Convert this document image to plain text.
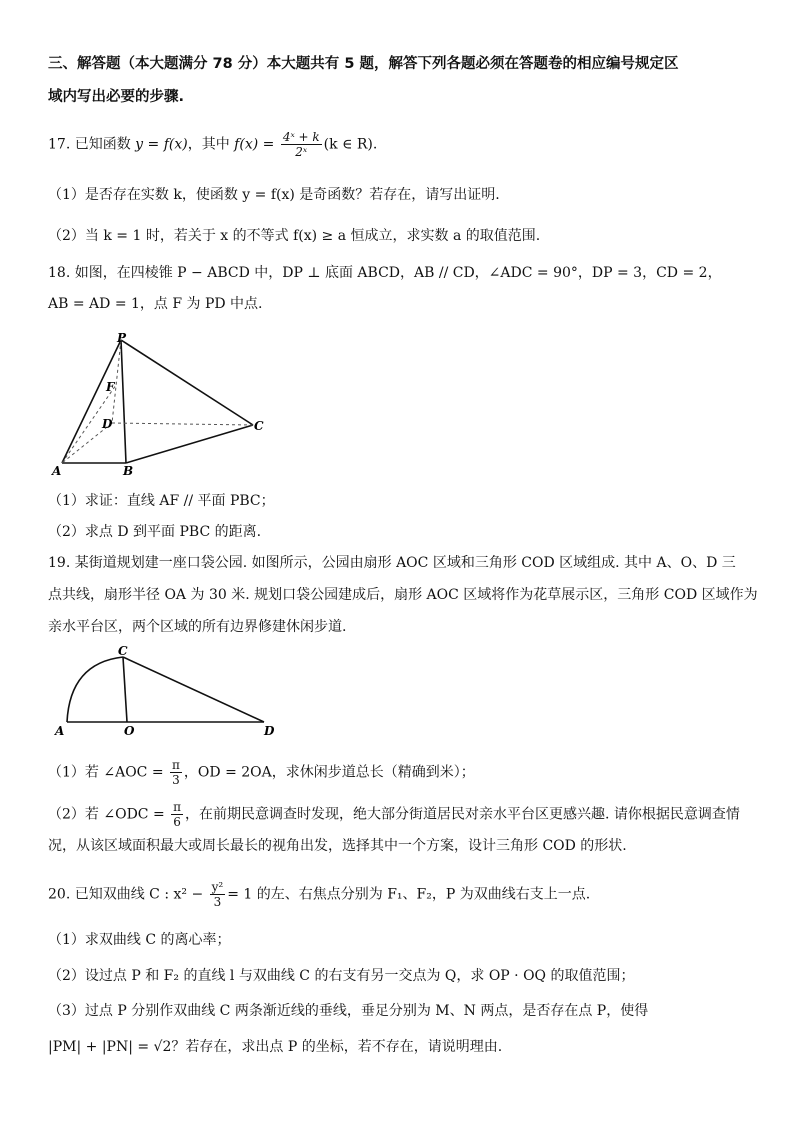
三、解答题（本大题满分 78 分）本大题共有 5 题，解答下列各题必须在答题卷的相应编号规定区
域内写出必要的步骤.
17. 已知函数 y = f(x)，其中 $f(x) = \frac{\text{4ˣ + k}}{\text{2ˣ}} (k$ ∈ R).
（1）是否存在实数 k，使函数 y = f(x) 是奇函数？若存在，请写出证明.
（2）当 k = 1 时，若关于 x 的不等式 f(x) ≥ a 恒成立，求实数 a 的取值范围.
18. 如图，在四棱锥 P − ABCD 中，DP ⊥ 底面 ABCD，AB // CD，∠ADC = 90°，DP = 3，CD = 2，
AB = AD = 1，点 F 为 PD 中点.
P
F
D	C
A	B
（1）求证：直线 AF // 平面 PBC；
（2）求点 D 到平面 PBC 的距离.
19. 某街道规划建一座口袋公园. 如图所示，公园由扇形 AOC 区域和三角形 COD 区域组成. 其中 A、O、D 三
点共线，扇形半径 OA 为 30 米. 规划口袋公园建成后，扇形 AOC 区域将作为花草展示区，三角形 COD 区域作为
亲水平台区，两个区域的所有边界修建休闲步道.
C
A	O	D
（1）若 ∠AOC = $\frac{\pi}{3}$ ，OD = 2OA，求休闲步道总长（精确到米）；
（2）若 ∠ODC = $\frac{\pi}{6}$ ，在前期民意调查时发现，绝大部分街道居民对亲水平台区更感兴趣. 请你根据民意调查情
况，从该区域面积最大或周长最长的视角出发，选择其中一个方案，设计三角形 COD 的形状.
20. 已知双曲线 C : $x^2 - \frac{\text{y²}}{3} = 1$ 的左、右焦点分别为 F₁、F₂，P 为双曲线右支上一点.
（1）求双曲线 C 的离心率；
（2）设过点 P 和 F₂ 的直线 l 与双曲线 C 的右支有另一交点为 Q，求 OP · OQ 的取值范围；
（3）过点 P 分别作双曲线 C 两条渐近线的垂线，垂足分别为 M、N 两点，是否存在点 P，使得
|PM| + |PN| = √2？若存在，求出点 P 的坐标，若不存在，请说明理由.
